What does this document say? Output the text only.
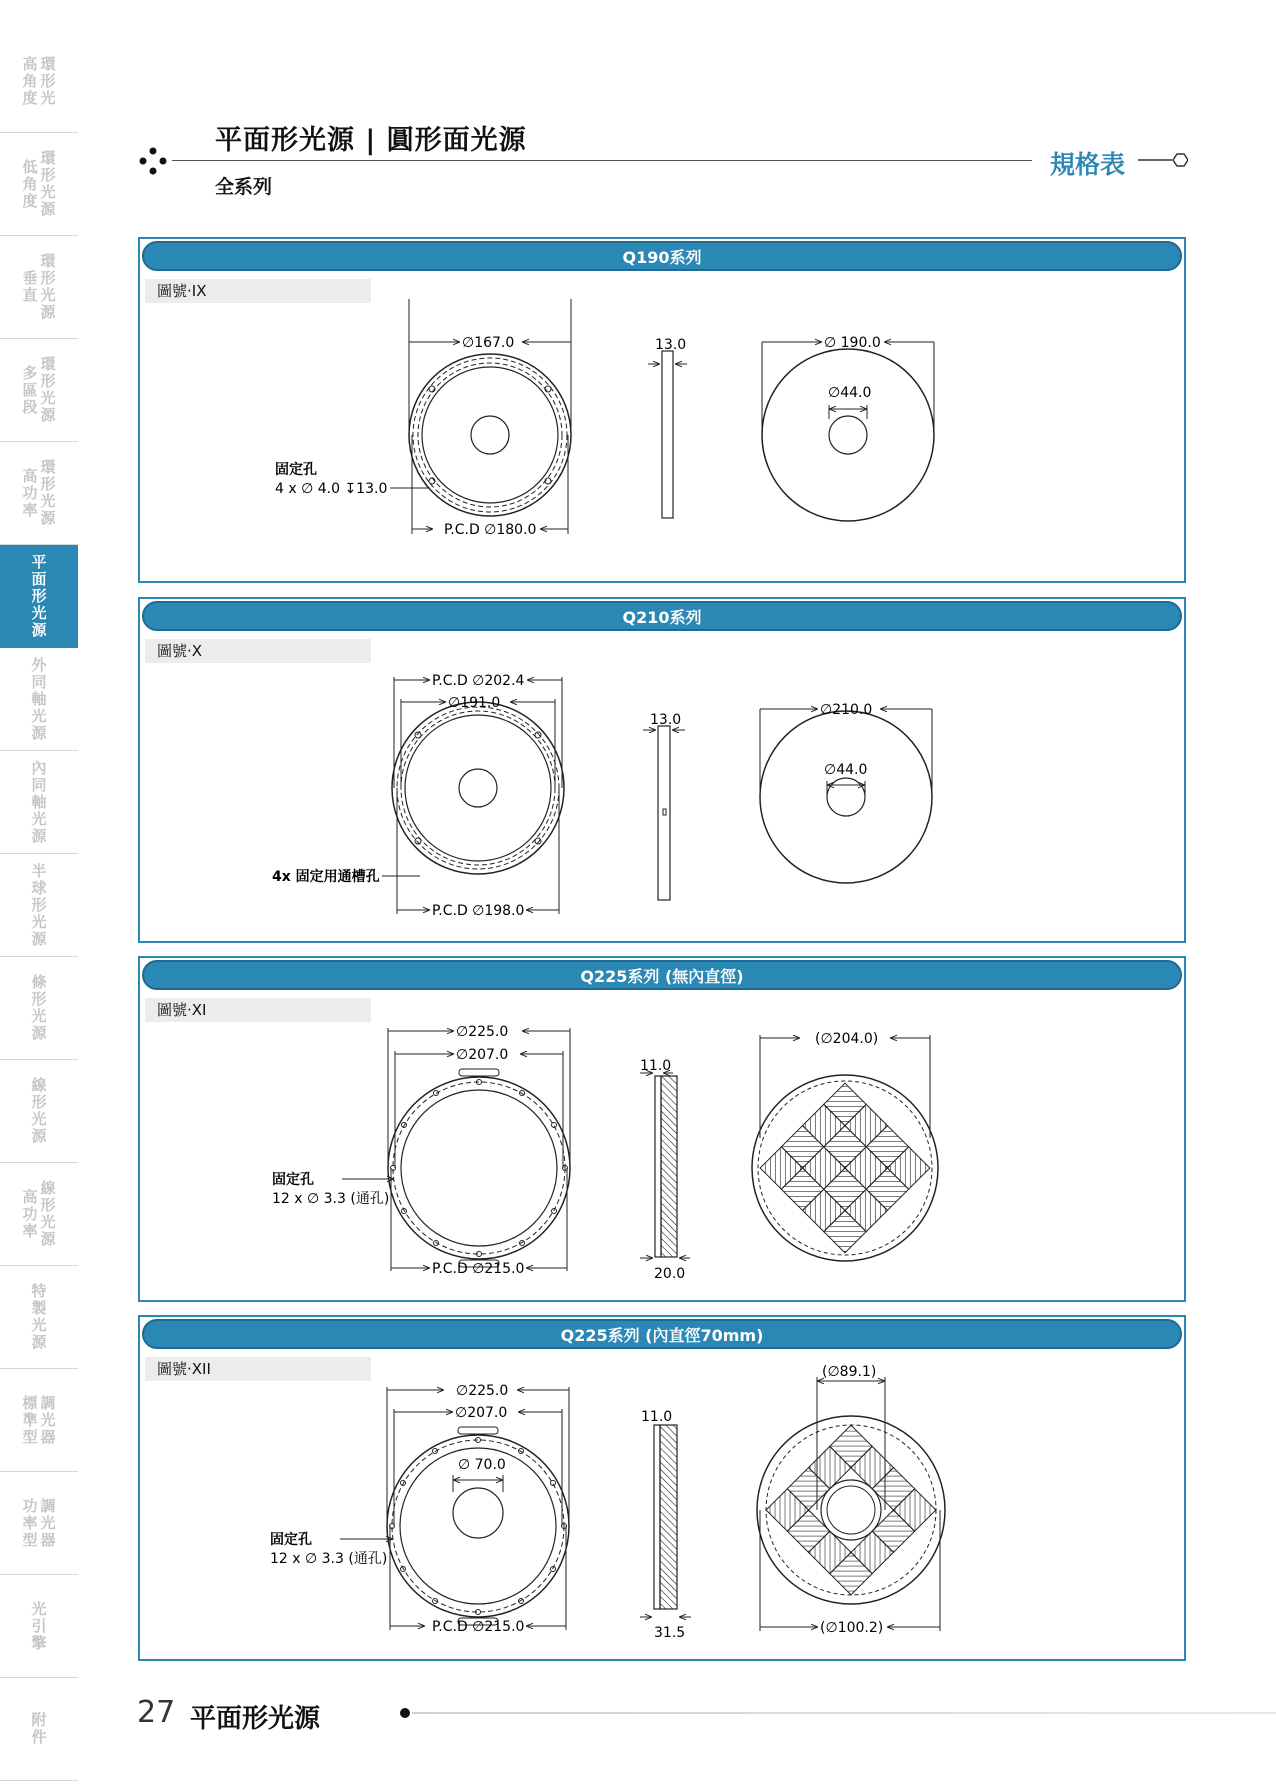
高
角
度
環
形
光
低
角
度
環
形
光
源
垂
直
環
形
光
源
多
區
段
環
形
光
源
高
功
率
環
形
光
源
平
面
形
光
源
外
同
軸
光
源
內
同
軸
光
源
半
球
形
光
源
條
形
光
源
線
形
光
源
高
功
率
線
形
光
源
特
製
光
源
標
準
型
調
光
器
功
率
型
調
光
器
光
引
擎
附
件
平面形光源 | 圓形面光源
全系列
規格表
Q190系列
圖號‧IX
∅167.0
P.C.D ∅180.0
固定孔
4 x ∅ 4.0 ↧13.0
13.0	∅ 190.0
∅44.0
Q210系列
圖號‧X
P.C.D ∅202.4
∅191.0
P.C.D ∅198.0
4x 固定用通槽孔
13.0
∅210.0
∅44.0
Q225系列 (無內直徑)
圖號‧XI
∅225.0
∅207.0
P.C.D ∅215.0
固定孔
12 x ∅ 3.3 (通孔)
11.0
20.0
(∅204.0)
Q225系列 (內直徑70mm)
圖號‧XII
∅225.0
∅207.0
∅ 70.0
P.C.D ∅215.0
固定孔
12 x ∅ 3.3 (通孔)
11.0
31.5
(∅89.1)
(∅100.2)
27 平面形光源
